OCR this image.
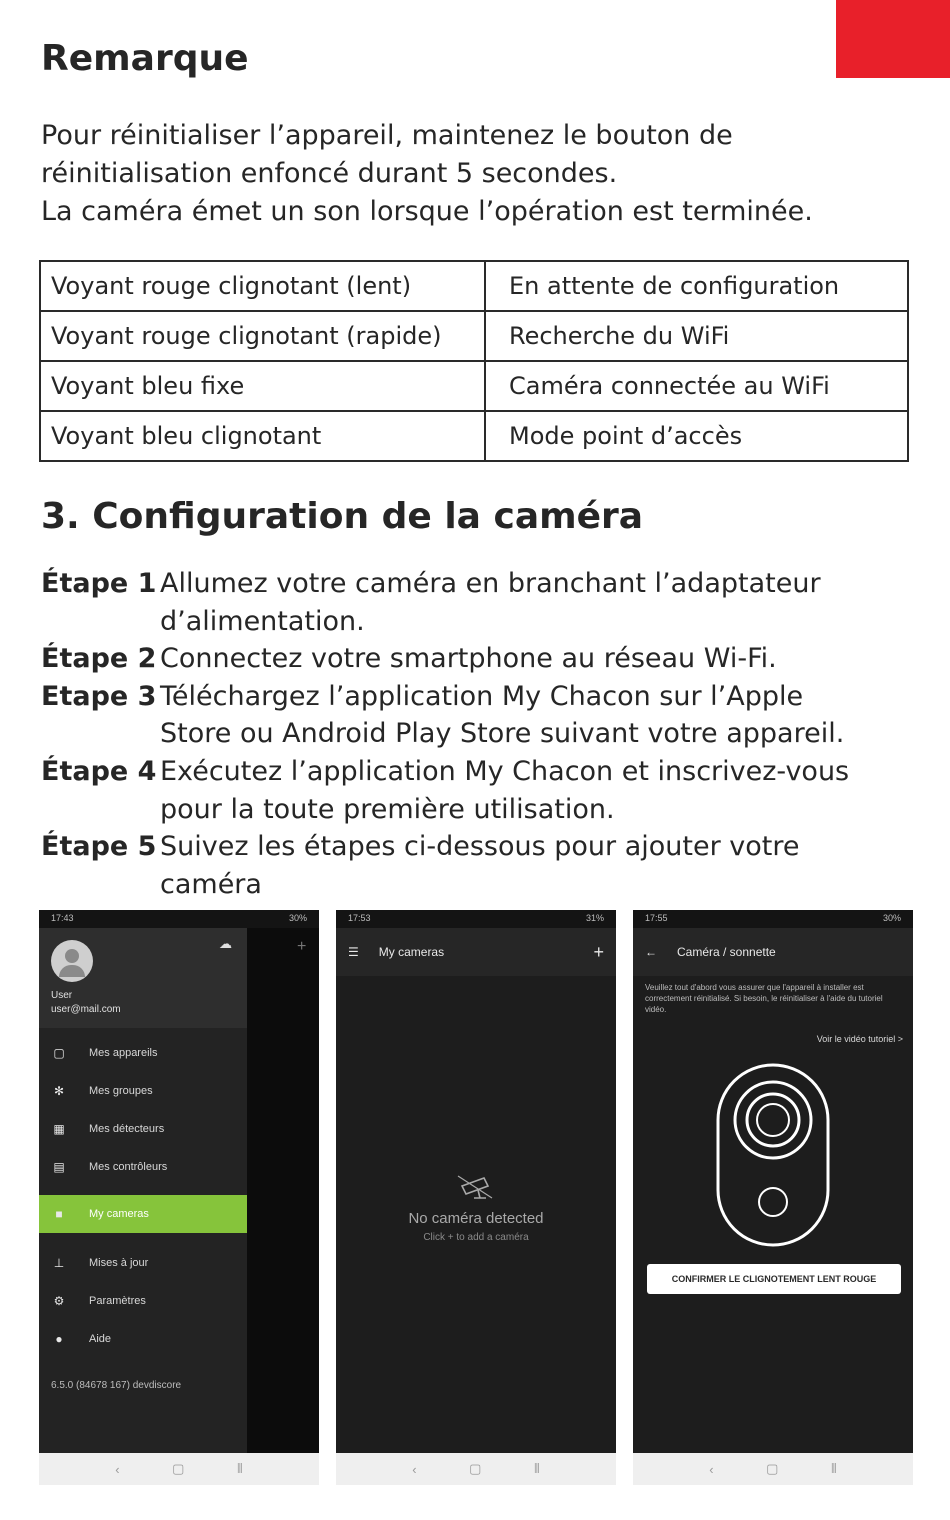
Remarque
Pour réinitialiser l’appareil, maintenez le bouton de
réinitialisation enfoncé durant 5 secondes.
La caméra émet un son lorsque l’opération est terminée.
Voyant rouge clignotant (lent)	En attente de configuration
Voyant rouge clignotant (rapide)	Recherche du WiFi
Voyant bleu fixe	Caméra connectée au WiFi
Voyant bleu clignotant	Mode point d’accès
3. Configuration de la caméra
Étape 1 Allumez votre caméra en branchant l’adaptateur
d’alimentation.
Étape 2 Connectez votre smartphone au réseau Wi-Fi.
Etape 3 Téléchargez l’application My Chacon sur l’Apple
Store ou Android Play Store suivant votre appareil.
Étape 4 Exécutez l’application My Chacon et inscrivez-vous
pour la toute première utilisation.
Étape 5 Suivez les étapes ci-dessous pour ajouter votre
caméra
17:43	30%
+
☁
User
user@mail.com
▢ Mes appareils
✻ Mes groupes
▦ Mes détecteurs
▤ Mes contrôleurs
■	My cameras
⊥ Mises à jour
⚙ Paramètres
●	Aide
6.5.0 (84678 167) devdiscore
‹	▢	⦀
17:53	31%
☰ My cameras	+
No caméra detected
Click + to add a caméra
‹	▢	⦀
17:55	30%
← Caméra / sonnette
Veuillez tout d'abord vous assurer que l'appareil à installer est correctement réinitialisé. Si besoin, le réinitialiser à l'aide du tutoriel vidéo.
Voir le vidéo tutoriel >
CONFIRMER LE CLIGNOTEMENT LENT ROUGE
‹	▢	⦀
